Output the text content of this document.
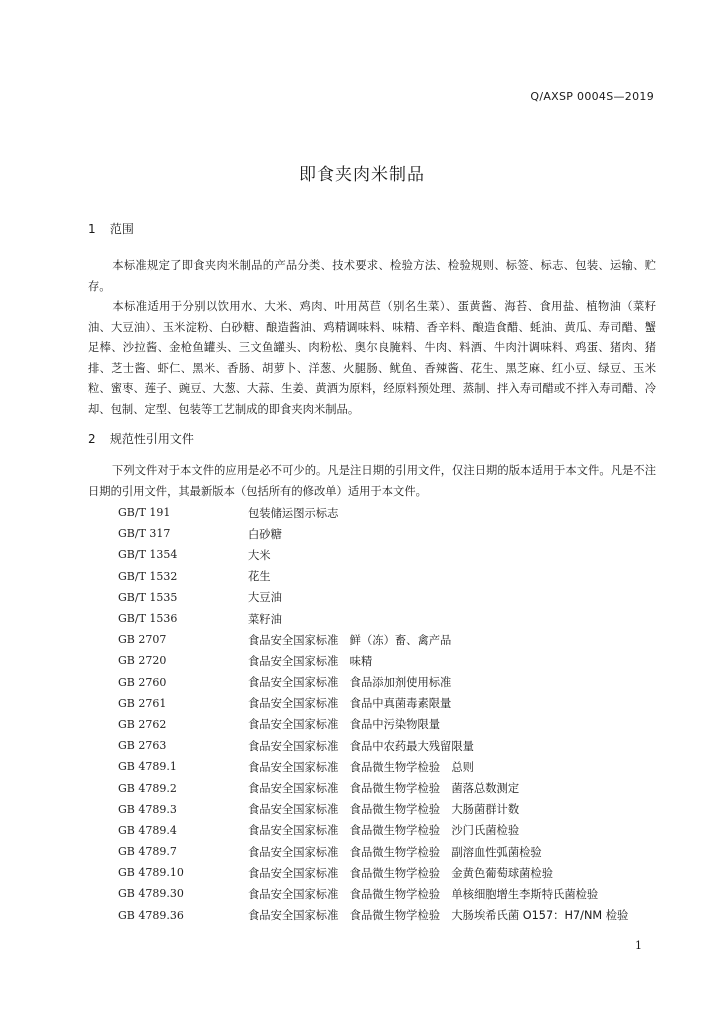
Q/AXSP 0004S—2019
即食夹肉米制品
1 范围

本标准规定了即食夹肉米制品的产品分类、技术要求、检验方法、检验规则、标签、标志、包装、运输、贮存。

本标准适用于分别以饮用水、大米、鸡肉、叶用莴苣（别名生菜）、蛋黄酱、海苔、食用盐、植物油（菜籽油、大豆油）、玉米淀粉、白砂糖、酿造酱油、鸡精调味料、味精、香辛料、酿造食醋、蚝油、黄瓜、寿司醋、蟹足棒、沙拉酱、金枪鱼罐头、三文鱼罐头、肉粉松、奥尔良腌料、牛肉、料酒、牛肉汁调味料、鸡蛋、猪肉、猪排、芝士酱、虾仁、黑米、香肠、胡萝卜、洋葱、火腿肠、鱿鱼、香辣酱、花生、黑芝麻、红小豆、绿豆、玉米粒、蜜枣、莲子、豌豆、大葱、大蒜、生姜、黄酒为原料，经原料预处理、蒸制、拌入寿司醋或不拌入寿司醋、冷却、包制、定型、包装等工艺制成的即食夹肉米制品。

2 规范性引用文件

下列文件对于本文件的应用是必不可少的。凡是注日期的引用文件，仅注日期的版本适用于本文件。凡是不注日期的引用文件，其最新版本（包括所有的修改单）适用于本文件。

GB/T 191	包装储运图示标志
GB/T 317	白砂糖
GB/T 1354	大米
GB/T 1532	花生
GB/T 1535	大豆油
GB/T 1536	菜籽油
GB 2707	食品安全国家标准　鲜（冻）畜、禽产品
GB 2720	食品安全国家标准　味精
GB 2760	食品安全国家标准　食品添加剂使用标准
GB 2761	食品安全国家标准　食品中真菌毒素限量
GB 2762	食品安全国家标准　食品中污染物限量
GB 2763	食品安全国家标准　食品中农药最大残留限量
GB 4789.1	食品安全国家标准　食品微生物学检验　总则
GB 4789.2	食品安全国家标准　食品微生物学检验　菌落总数测定
GB 4789.3	食品安全国家标准　食品微生物学检验　大肠菌群计数
GB 4789.4	食品安全国家标准　食品微生物学检验　沙门氏菌检验
GB 4789.7	食品安全国家标准　食品微生物学检验　副溶血性弧菌检验
GB 4789.10	食品安全国家标准　食品微生物学检验　金黄色葡萄球菌检验
GB 4789.30	食品安全国家标准　食品微生物学检验　单核细胞增生李斯特氏菌检验
GB 4789.36	食品安全国家标准　食品微生物学检验　大肠埃希氏菌 O157：H7/NM 检验
1
